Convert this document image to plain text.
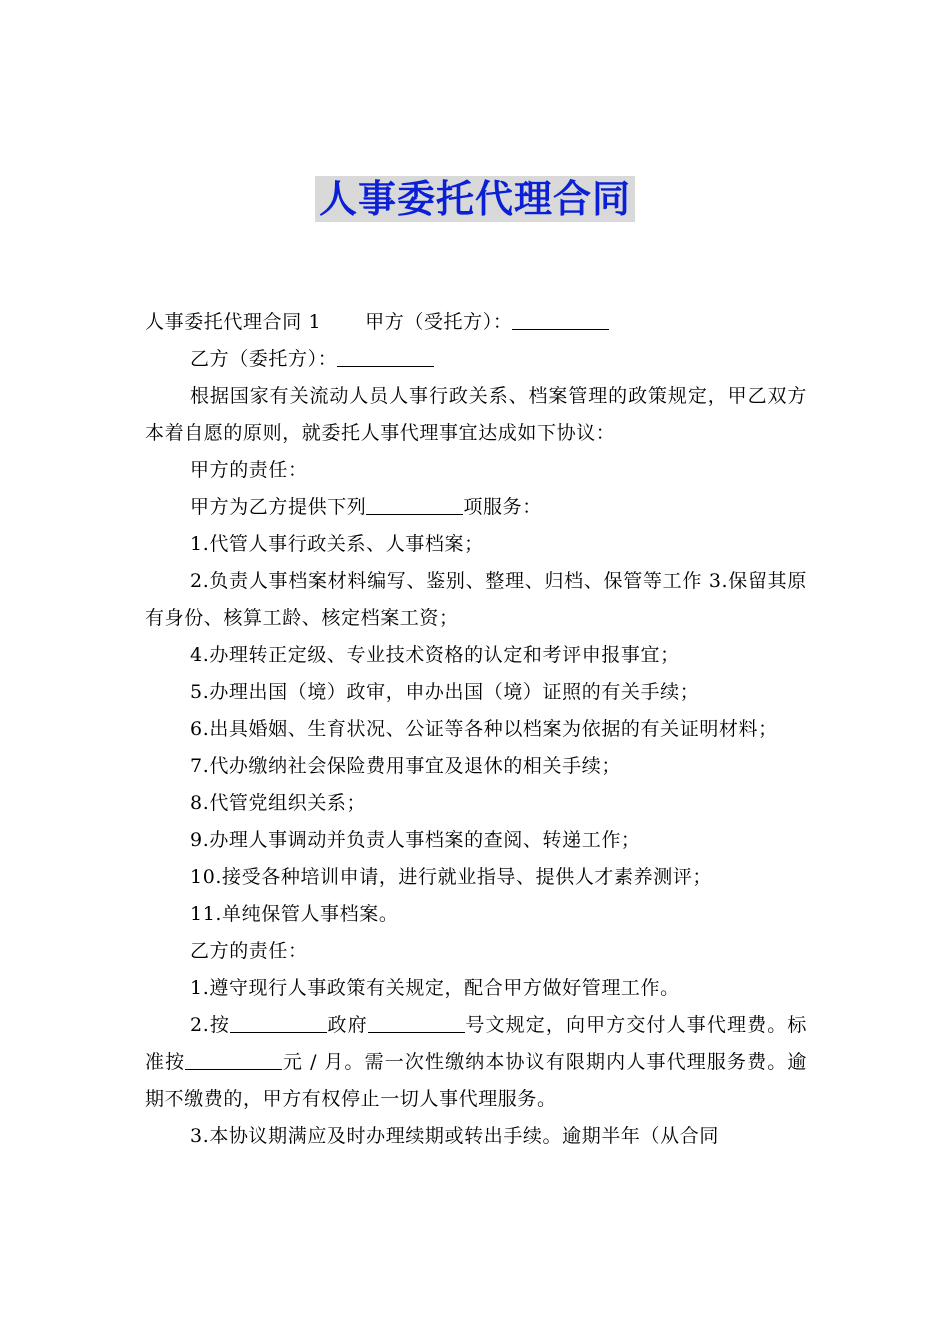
人事委托代理合同

人事委托代理合同 1 甲方（受托方）：

乙方（委托方）：

根据国家有关流动人员人事行政关系、档案管理的政策规定，甲乙双方本着自愿的原则，就委托人事代理事宜达成如下协议：

甲方的责任：

甲方为乙方提供下列	项服务：

1.代管人事行政关系、人事档案；

2.负责人事档案材料编写、鉴别、整理、归档、保管等工作 3.保留其原有身份、核算工龄、核定档案工资；

4.办理转正定级、专业技术资格的认定和考评申报事宜；

5.办理出国（境）政审，申办出国（境）证照的有关手续；

6.出具婚姻、生育状况、公证等各种以档案为依据的有关证明材料；

7.代办缴纳社会保险费用事宜及退休的相关手续；

8.代管党组织关系；

9.办理人事调动并负责人事档案的查阅、转递工作；

10.接受各种培训申请，进行就业指导、提供人才素养测评；

11.单纯保管人事档案。

乙方的责任：

1.遵守现行人事政策有关规定，配合甲方做好管理工作。

2.按	政府	号文规定，向甲方交付人事代理费。标准按	元 / 月。需一次性缴纳本协议有限期内人事代理服务费。逾期不缴费的，甲方有权停止一切人事代理服务。

3.本协议期满应及时办理续期或转出手续。逾期半年（从合同
